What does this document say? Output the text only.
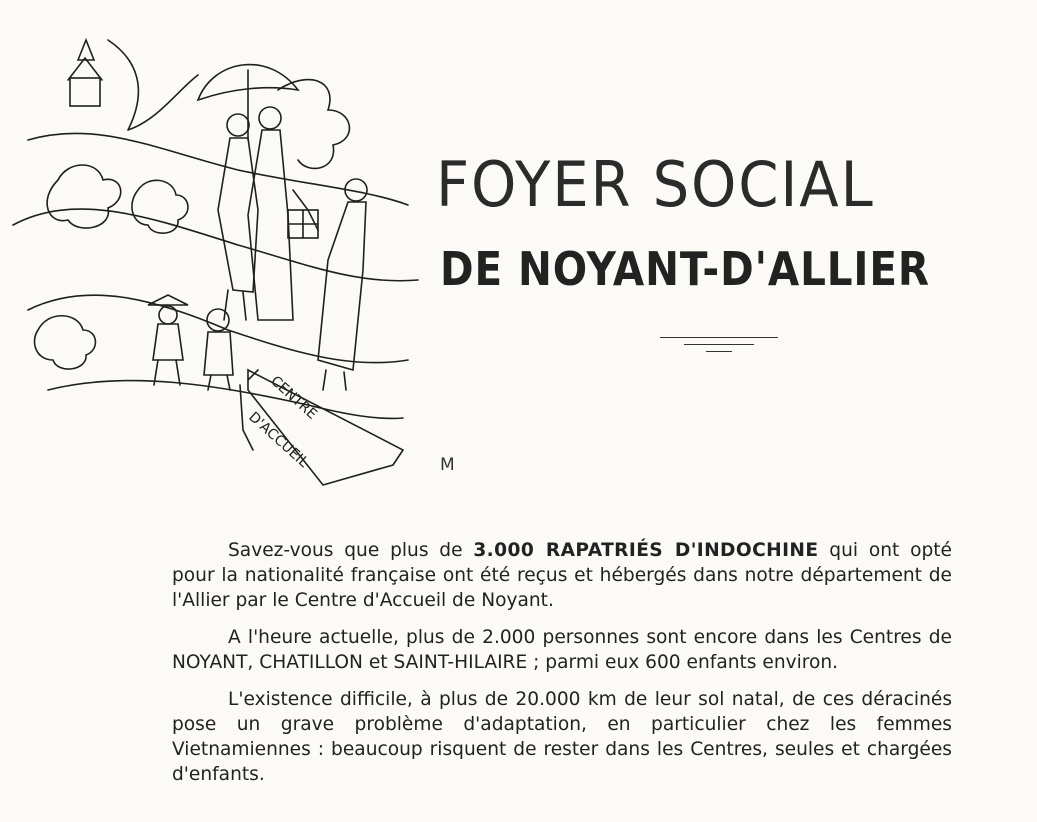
CENTRE
D'ACCUEIL
FOYER SOCIAL
DE NOYANT-D'ALLIER
M

Savez-vous que plus de 3.000 RAPATRIÉS D'INDOCHINE qui ont opté pour la nationalité française ont été reçus et hébergés dans notre département de l'Allier par le Centre d'Accueil de Noyant.

A l'heure actuelle, plus de 2.000 personnes sont encore dans les Centres de NOYANT, CHATILLON et SAINT-HILAIRE ; parmi eux 600 enfants environ.

L'existence difficile, à plus de 20.000 km de leur sol natal, de ces déracinés pose un grave problème d'adaptation, en particulier chez les femmes Vietnamiennes : beaucoup risquent de rester dans les Centres, seules et chargées d'enfants.
